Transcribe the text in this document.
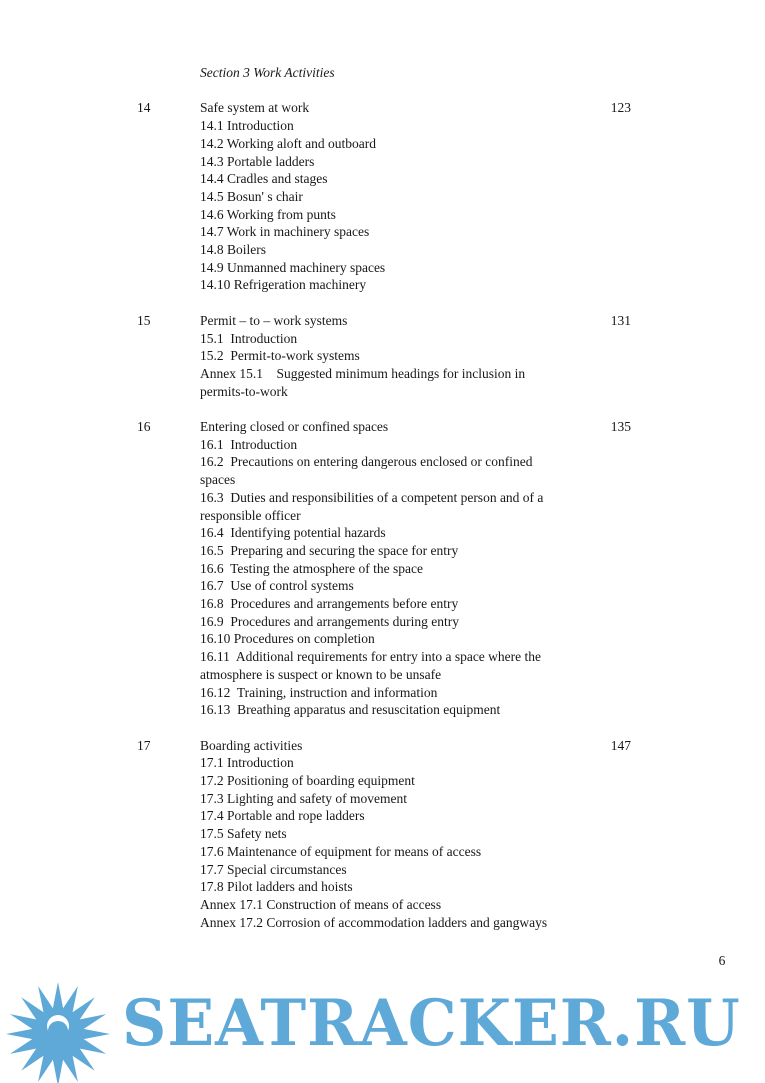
Section 3 Work Activities
14	Safe system at work	123
14.1 Introduction
14.2 Working aloft and outboard
14.3 Portable ladders
14.4 Cradles and stages
14.5 Bosun' s chair
14.6 Working from punts
14.7 Work in machinery spaces
14.8 Boilers
14.9 Unmanned machinery spaces
14.10 Refrigeration machinery
15	Permit – to – work systems	131
15.1  Introduction
15.2  Permit-to-work systems
Annex 15.1    Suggested minimum headings for inclusion in permits-to-work
16	Entering closed or confined spaces	135
16.1  Introduction
16.2  Precautions on entering dangerous enclosed or confined spaces
16.3  Duties and responsibilities of a competent person and of a responsible officer
16.4  Identifying potential hazards
16.5  Preparing and securing the space for entry
16.6  Testing the atmosphere of the space
16.7  Use of control systems
16.8  Procedures and arrangements before entry
16.9  Procedures and arrangements during entry
16.10 Procedures on completion
16.11  Additional requirements for entry into a space where the atmosphere is suspect or known to be unsafe
16.12  Training, instruction and information
16.13  Breathing apparatus and resuscitation equipment
17	Boarding activities	147
17.1 Introduction
17.2 Positioning of boarding equipment
17.3 Lighting and safety of movement
17.4 Portable and rope ladders
17.5 Safety nets
17.6 Maintenance of equipment for means of access
17.7 Special circumstances
17.8 Pilot ladders and hoists
Annex 17.1 Construction of means of access
Annex 17.2 Corrosion of accommodation ladders and gangways
6
SEATRACKER.RU
